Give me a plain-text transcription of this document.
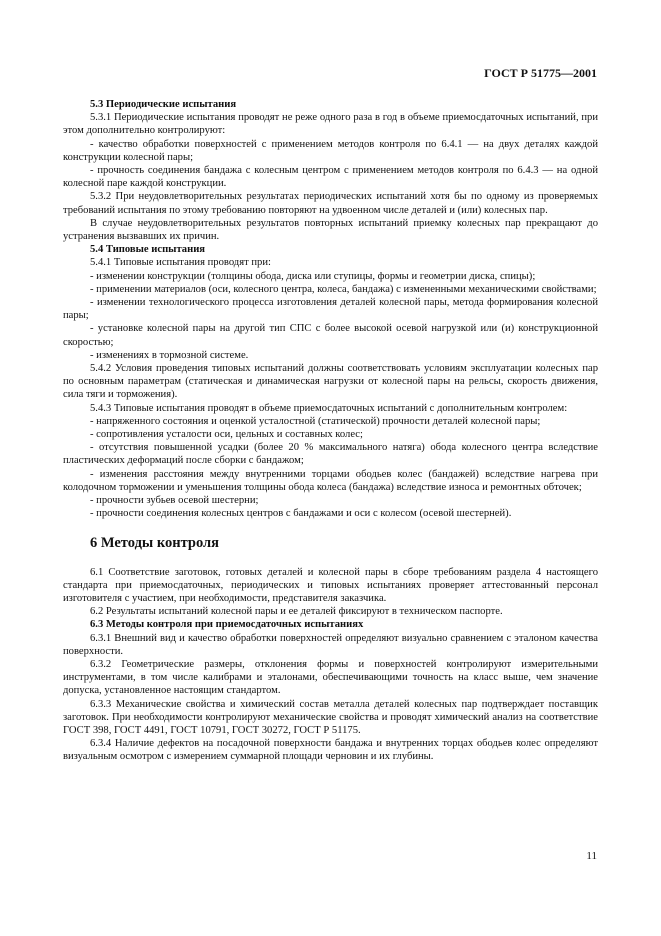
ГОСТ Р 51775—2001

5.3 Периодические испытания

5.3.1 Периодические испытания проводят не реже одного раза в год в объеме приемосдаточных испытаний, при этом дополнительно контролируют:

- качество обработки поверхностей с применением методов контроля по 6.4.1 — на двух деталях каждой конструкции колесной пары;

- прочность соединения бандажа с колесным центром с применением методов контроля по 6.4.3 — на одной колесной паре каждой конструкции.

5.3.2 При неудовлетворительных результатах периодических испытаний хотя бы по одному из проверяемых требований испытания по этому требованию повторяют на удвоенном числе деталей и (или) колесных пар.

В случае неудовлетворительных результатов повторных испытаний приемку колесных пар прекращают до устранения вызвавших их причин.

5.4 Типовые испытания

5.4.1 Типовые испытания проводят при:

- изменении конструкции (толщины обода, диска или ступицы, формы и геометрии диска, спицы);

- применении материалов (оси, колесного центра, колеса, бандажа) с измененными механическими свойствами;

- изменении технологического процесса изготовления деталей колесной пары, метода формирования колесной пары;

- установке колесной пары на другой тип СПС с более высокой осевой нагрузкой или (и) конструкционной скоростью;

- изменениях в тормозной системе.

5.4.2 Условия проведения типовых испытаний должны соответствовать условиям эксплуатации колесных пар по основным параметрам (статическая и динамическая нагрузки от колесной пары на рельсы, скорость движения, сила тяги и торможения).

5.4.3 Типовые испытания проводят в объеме приемосдаточных испытаний с дополнительным контролем:

- напряженного состояния и оценкой усталостной (статической) прочности деталей колесной пары;

- сопротивления усталости оси, цельных и составных колес;

- отсутствия повышенной усадки (более 20 % максимального натяга) обода колесного центра вследствие пластических деформаций после сборки с бандажом;

- изменения расстояния между внутренними торцами ободьев колес (бандажей) вследствие нагрева при колодочном торможении и уменьшения толщины обода колеса (бандажа) вследствие износа и ремонтных обточек;

- прочности зубьев осевой шестерни;

- прочности соединения колесных центров с бандажами и оси с колесом (осевой шестерней).

6 Методы контроля

6.1 Соответствие заготовок, готовых деталей и колесной пары в сборе требованиям раздела 4 настоящего стандарта при приемосдаточных, периодических и типовых испытаниях проверяет аттестованный персонал изготовителя с участием, при необходимости, представителя заказчика.

6.2 Результаты испытаний колесной пары и ее деталей фиксируют в техническом паспорте.

6.3 Методы контроля при приемосдаточных испытаниях

6.3.1 Внешний вид и качество обработки поверхностей определяют визуально сравнением с эталоном качества поверхности.

6.3.2 Геометрические размеры, отклонения формы и поверхностей контролируют измерительными инструментами, в том числе калибрами и эталонами, обеспечивающими точность на класс выше, чем значение допуска, установленное настоящим стандартом.

6.3.3 Механические свойства и химический состав металла деталей колесных пар подтверждает поставщик заготовок. При необходимости контролируют механические свойства и проводят химический анализ на соответствие ГОСТ 398, ГОСТ 4491, ГОСТ 10791, ГОСТ 30272, ГОСТ Р 51175.

6.3.4 Наличие дефектов на посадочной поверхности бандажа и внутренних торцах ободьев колес определяют визуальным осмотром с измерением суммарной площади черновин и их глубины.

11
